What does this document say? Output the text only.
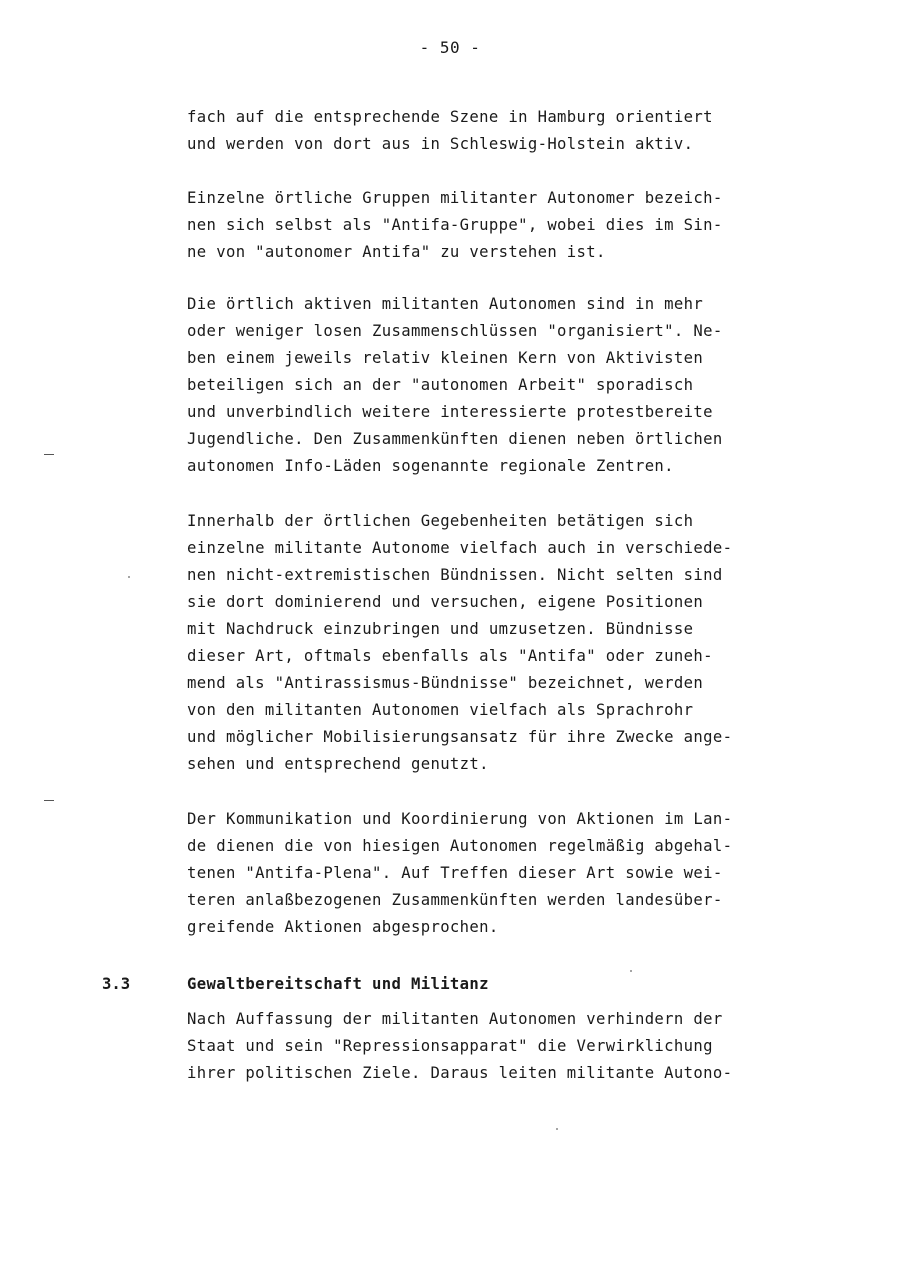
- 50 -
fach auf die entsprechende Szene in Hamburg orientiert
und werden von dort aus in Schleswig-Holstein aktiv.
Einzelne örtliche Gruppen militanter Autonomer bezeich-
nen sich selbst als "Antifa-Gruppe", wobei dies im Sin-
ne von "autonomer Antifa" zu verstehen ist.
Die örtlich aktiven militanten Autonomen sind in mehr
oder weniger losen Zusammenschlüssen "organisiert". Ne-
ben einem jeweils relativ kleinen Kern von Aktivisten
beteiligen sich an der "autonomen Arbeit" sporadisch
und unverbindlich weitere interessierte protestbereite
Jugendliche. Den Zusammenkünften dienen neben örtlichen
autonomen Info-Läden sogenannte regionale Zentren.
Innerhalb der örtlichen Gegebenheiten betätigen sich
einzelne militante Autonome vielfach auch in verschiede-
nen nicht-extremistischen Bündnissen. Nicht selten sind
sie dort dominierend und versuchen, eigene Positionen
mit Nachdruck einzubringen und umzusetzen. Bündnisse
dieser Art, oftmals ebenfalls als "Antifa" oder zuneh-
mend als "Antirassismus-Bündnisse" bezeichnet, werden
von den militanten Autonomen vielfach als Sprachrohr
und möglicher Mobilisierungsansatz für ihre Zwecke ange-
sehen und entsprechend genutzt.
Der Kommunikation und Koordinierung von Aktionen im Lan-
de dienen die von hiesigen Autonomen regelmäßig abgehal-
tenen "Antifa-Plena". Auf Treffen dieser Art sowie wei-
teren anlaßbezogenen Zusammenkünften werden landesüber-
greifende Aktionen abgesprochen.
3.3	Gewaltbereitschaft und Militanz
Nach Auffassung der militanten Autonomen verhindern der
Staat und sein "Repressionsapparat" die Verwirklichung
ihrer politischen Ziele. Daraus leiten militante Autono-
